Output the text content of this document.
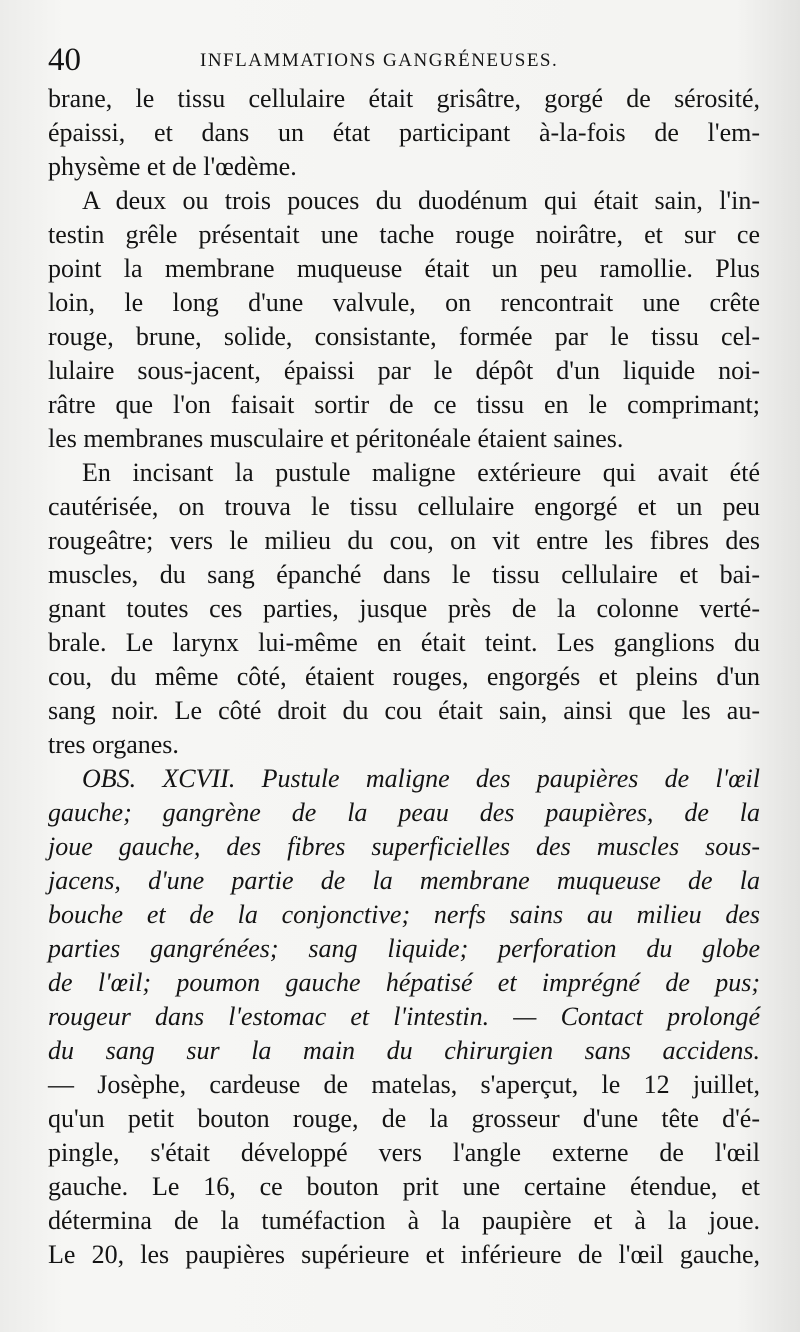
40	INFLAMMATIONS GANGRÉNEUSES.
brane, le tissu cellulaire était grisâtre, gorgé de sérosité,
épaissi, et dans un état participant à-la-fois de l'em-
physème et de l'œdème.
A deux ou trois pouces du duodénum qui était sain, l'in-
testin grêle présentait une tache rouge noirâtre, et sur ce
point la membrane muqueuse était un peu ramollie. Plus
loin, le long d'une valvule, on rencontrait une crête
rouge, brune, solide, consistante, formée par le tissu cel-
lulaire sous-jacent, épaissi par le dépôt d'un liquide noi-
râtre que l'on faisait sortir de ce tissu en le comprimant;
les membranes musculaire et péritonéale étaient saines.
En incisant la pustule maligne extérieure qui avait été
cautérisée, on trouva le tissu cellulaire engorgé et un peu
rougeâtre; vers le milieu du cou, on vit entre les fibres des
muscles, du sang épanché dans le tissu cellulaire et bai-
gnant toutes ces parties, jusque près de la colonne verté-
brale. Le larynx lui-même en était teint. Les ganglions du
cou, du même côté, étaient rouges, engorgés et pleins d'un
sang noir. Le côté droit du cou était sain, ainsi que les au-
tres organes.
OBS. XCVII. Pustule maligne des paupières de l'œil
gauche; gangrène de la peau des paupières, de la
joue gauche, des fibres superficielles des muscles sous-
jacens, d'une partie de la membrane muqueuse de la
bouche et de la conjonctive; nerfs sains au milieu des
parties gangrénées; sang liquide; perforation du globe
de l'œil; poumon gauche hépatisé et imprégné de pus;
rougeur dans l'estomac et l'intestin. — Contact prolongé
du sang sur la main du chirurgien sans accidens.
— Josèphe, cardeuse de matelas, s'aperçut, le 12 juillet,
qu'un petit bouton rouge, de la grosseur d'une tête d'é-
pingle, s'était développé vers l'angle externe de l'œil
gauche. Le 16, ce bouton prit une certaine étendue, et
détermina de la tuméfaction à la paupière et à la joue.
Le 20, les paupières supérieure et inférieure de l'œil gauche,
